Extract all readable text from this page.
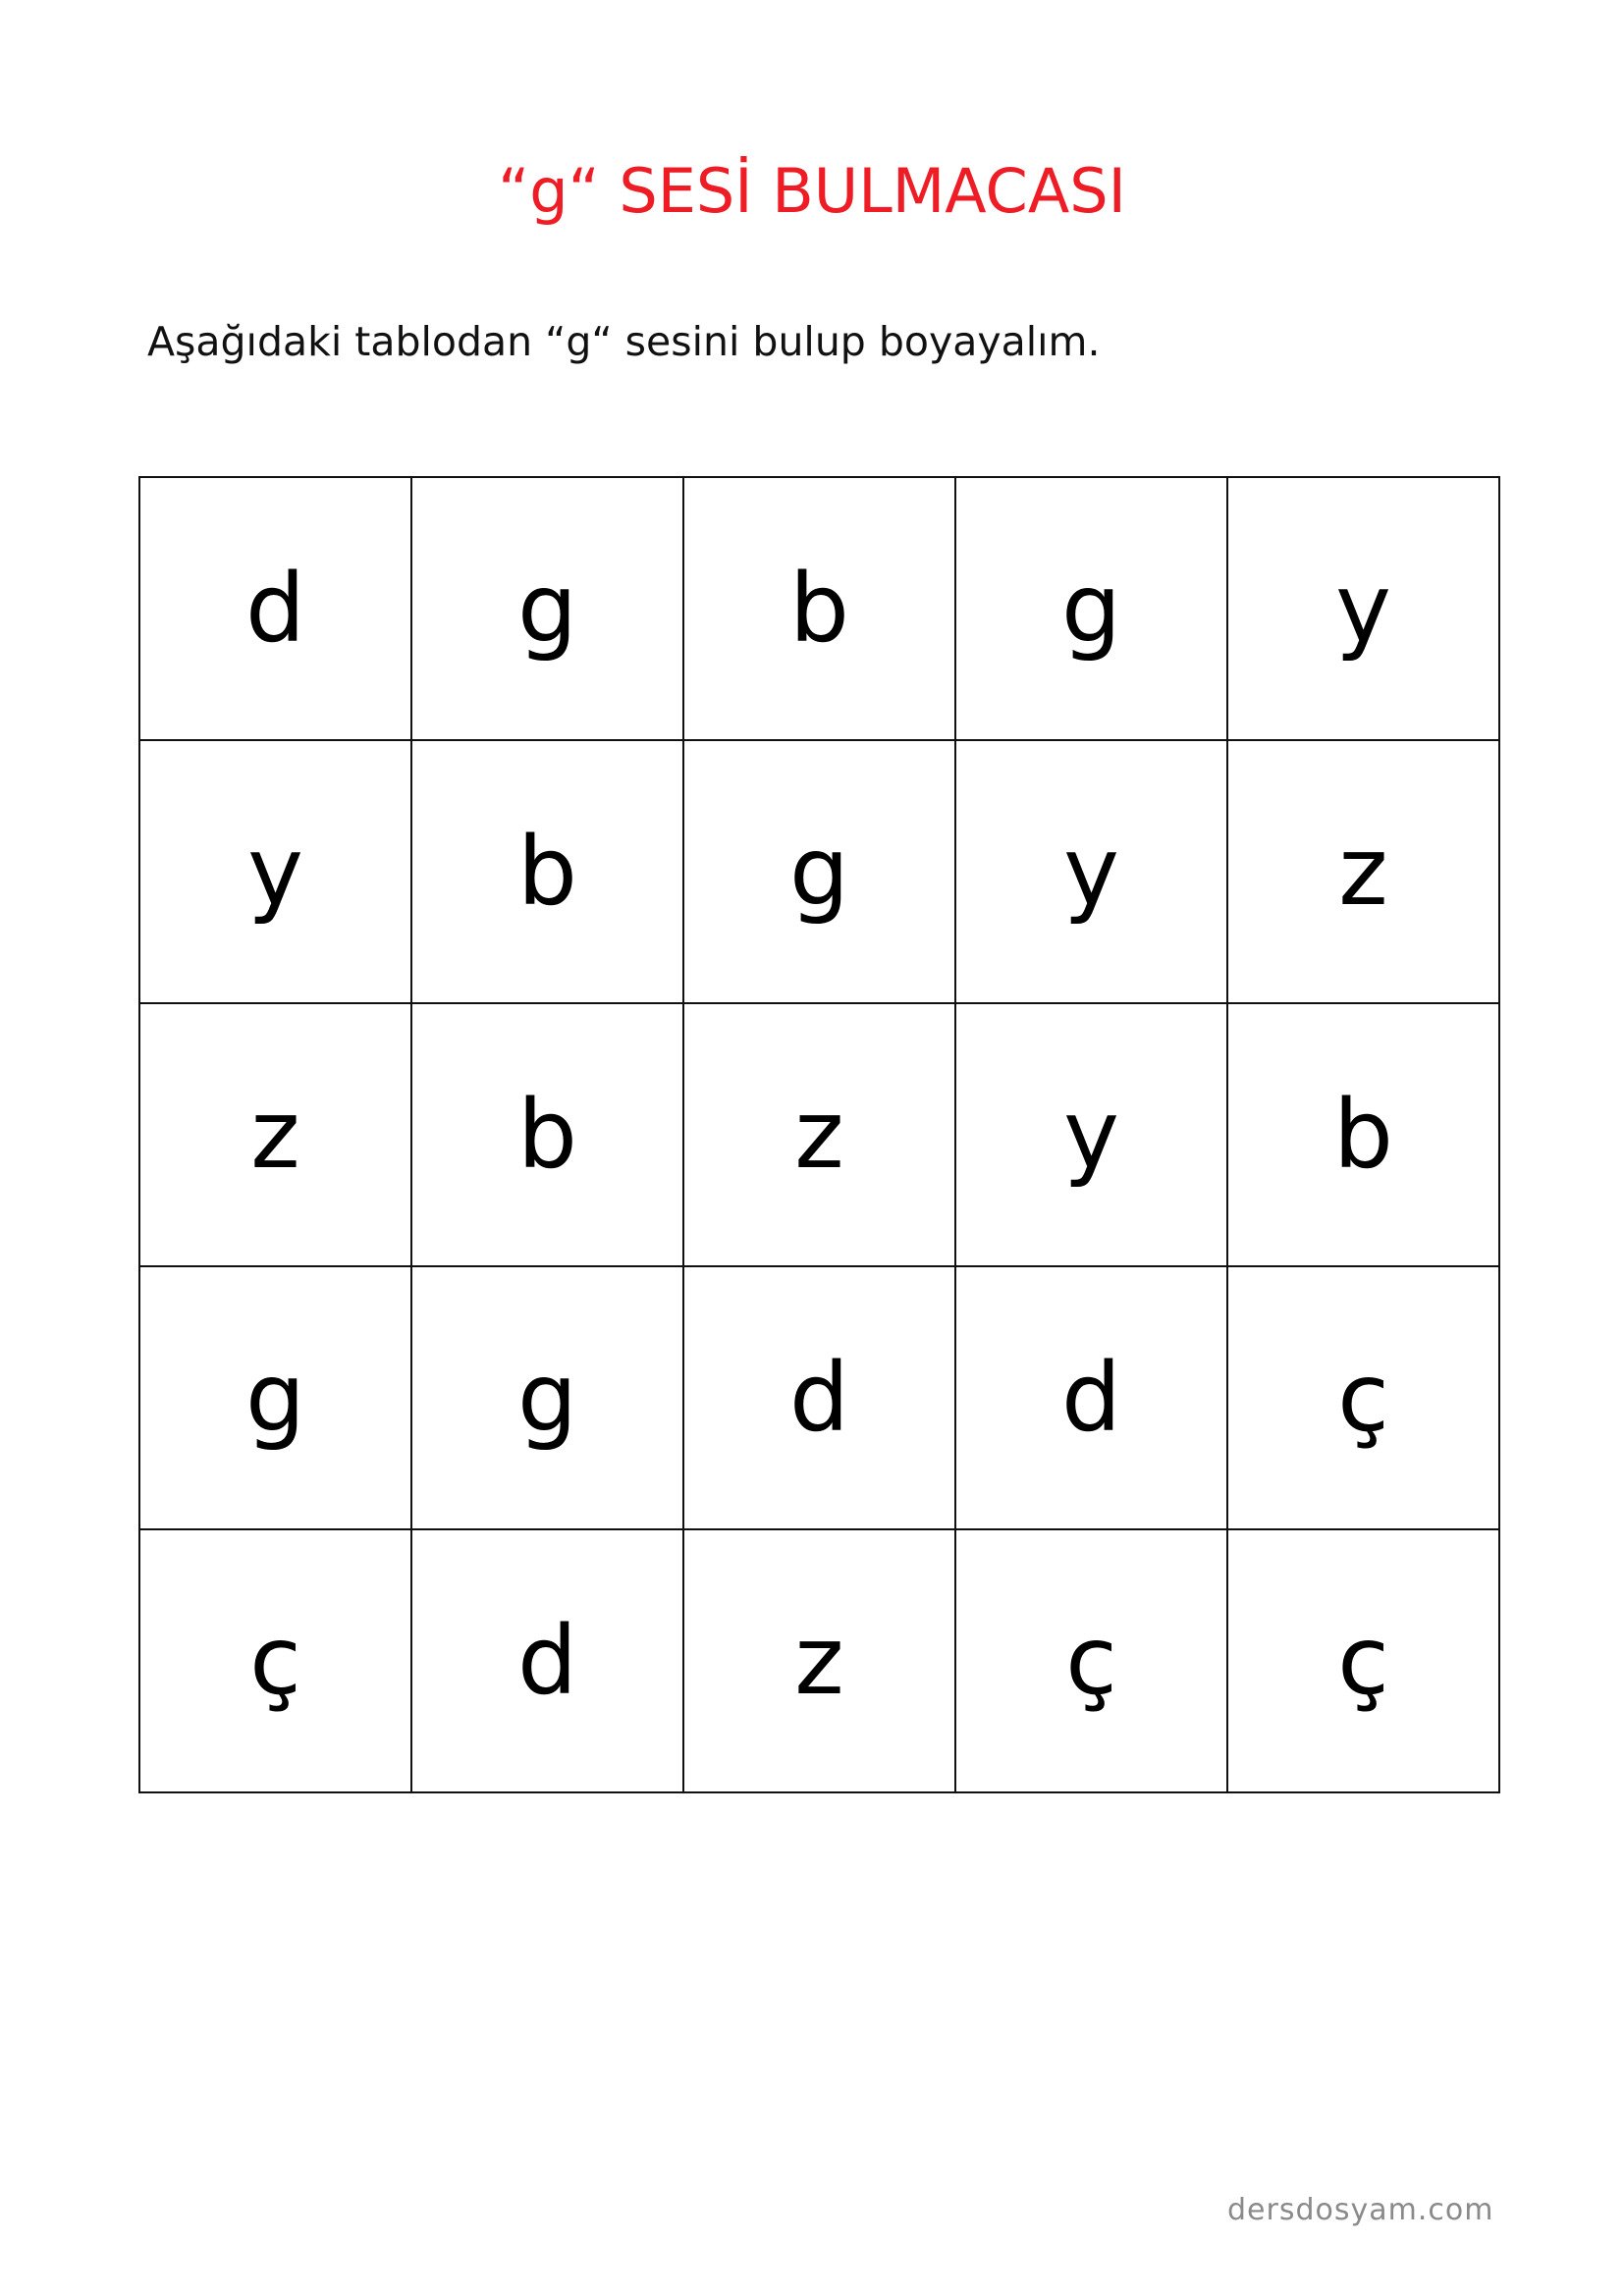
“g“ SESİ BULMACASI
Aşağıdaki tablodan “g“ sesini bulup boyayalım.
d	g	b	g	y
y	b	g	y	z
z	b	z	y	b
g	g	d	d	ç
ç	d	z	ç	ç
dersdosyam.com
